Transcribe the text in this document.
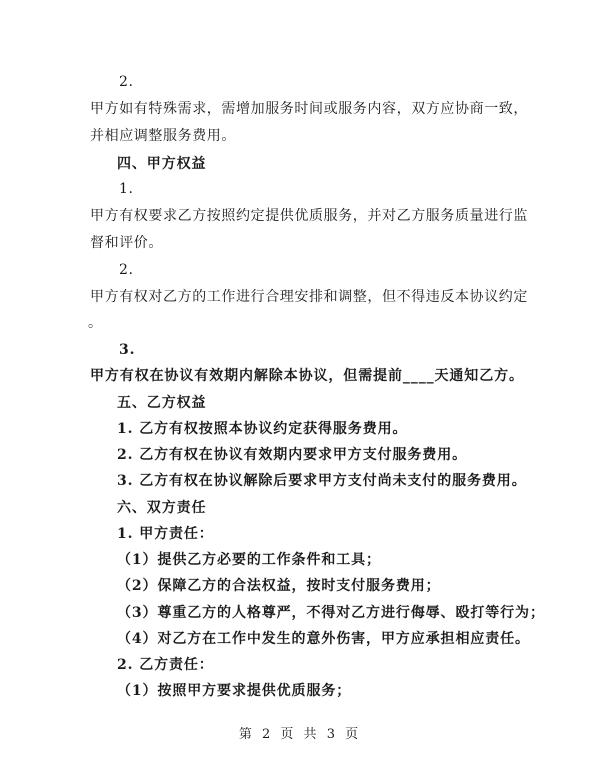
2.
甲方如有特殊需求，需增加服务时间或服务内容，双方应协商一致，
并相应调整服务费用。
四、甲方权益
1.
甲方有权要求乙方按照约定提供优质服务，并对乙方服务质量进行监
督和评价。
2.
甲方有权对乙方的工作进行合理安排和调整，但不得违反本协议约定
。
3.
甲方有权在协议有效期内解除本协议，但需提前____天通知乙方。
五、乙方权益
1. 乙方有权按照本协议约定获得服务费用。
2. 乙方有权在协议有效期内要求甲方支付服务费用。
3. 乙方有权在协议解除后要求甲方支付尚未支付的服务费用。
六、双方责任
1. 甲方责任：
（1）提供乙方必要的工作条件和工具；
（2）保障乙方的合法权益，按时支付服务费用；
（3）尊重乙方的人格尊严，不得对乙方进行侮辱、殴打等行为；
（4）对乙方在工作中发生的意外伤害，甲方应承担相应责任。
2. 乙方责任：
（1）按照甲方要求提供优质服务；
第 2 页 共 3 页
